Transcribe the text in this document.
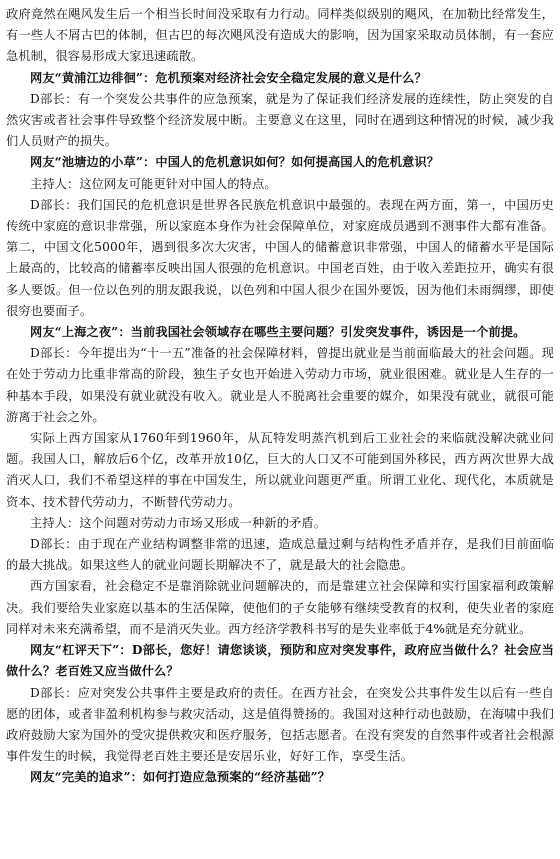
政府竟然在飓风发生后一个相当长时间没采取有力行动。同样类似级别的飓风，在加勒比经常发生，有一些人不屑古巴的体制，但古巴的每次飓风没有造成大的影响，因为国家采取动员体制，有一套应急机制，很容易形成大家迅速疏散。

网友“黄浦江边徘徊”：危机预案对经济社会安全稳定发展的意义是什么？

D部长：有一个突发公共事件的应急预案，就是为了保证我们经济发展的连续性，防止突发的自然灾害或者社会事件导致整个经济发展中断。主要意义在这里，同时在遇到这种情况的时候，减少我们人员财产的损失。

网友“池塘边的小草”：中国人的危机意识如何？如何提高国人的危机意识？

主持人：这位网友可能更针对中国人的特点。

D部长：我们国民的危机意识是世界各民族危机意识中最强的。表现在两方面，第一，中国历史传统中家庭的意识非常强，所以家庭本身作为社会保障单位，对家庭成员遇到不测事件大都有准备。第二，中国文化5000年，遇到很多次大灾害，中国人的储蓄意识非常强，中国人的储蓄水平是国际上最高的，比较高的储蓄率反映出国人很强的危机意识。中国老百姓，由于收入差距拉开，确实有很多人要饭。但一位以色列的朋友跟我说，以色列和中国人很少在国外要饭，因为他们未雨绸缪，即使很穷也要面子。

网友“上海之夜”：当前我国社会领域存在哪些主要问题？引发突发事件，诱因是一个前提。

D部长：今年提出为“十一五”准备的社会保障材料，曾提出就业是当前面临最大的社会问题。现在处于劳动力比重非常高的阶段，独生子女也开始进入劳动力市场，就业很困难。就业是人生存的一种基本手段，如果没有就业就没有收入。就业是人不脱离社会重要的媒介，如果没有就业，就很可能游离于社会之外。

实际上西方国家从1760年到1960年，从瓦特发明蒸汽机到后工业社会的来临就没解决就业问题。我国人口，解放后6个亿，改革开放10亿，巨大的人口又不可能到国外移民，西方两次世界大战消灭人口，我们不希望这样的事在中国发生，所以就业问题更严重。所谓工业化、现代化，本质就是资本、技术替代劳动力，不断替代劳动力。

主持人：这个问题对劳动力市场又形成一种新的矛盾。

D部长：由于现在产业结构调整非常的迅速，造成总量过剩与结构性矛盾并存，是我们目前面临的最大挑战。如果这些人的就业问题长期解决不了，就是最大的社会隐患。

西方国家看，社会稳定不是靠消除就业问题解决的，而是靠建立社会保障和实行国家福利政策解决。我们要给失业家庭以基本的生活保障，使他们的子女能够有继续受教育的权利，使失业者的家庭同样对未来充满希望，而不是消灭失业。西方经济学教科书写的是失业率低于4%就是充分就业。

网友“杠评天下”：D部长，您好！请您谈谈，预防和应对突发事件，政府应当做什么？社会应当做什么？老百姓又应当做什么？

D部长：应对突发公共事件主要是政府的责任。在西方社会，在突发公共事件发生以后有一些自愿的团体，或者非盈利机构参与救灾活动，这是值得赞扬的。我国对这种行动也鼓励，在海啸中我们政府鼓励大家为国外的受灾提供救灾和医疗服务，包括志愿者。在没有突发的自然事件或者社会根源事件发生的时候，我觉得老百姓主要还是安居乐业，好好工作，享受生活。

网友“完美的追求”：如何打造应急预案的“经济基础”？
